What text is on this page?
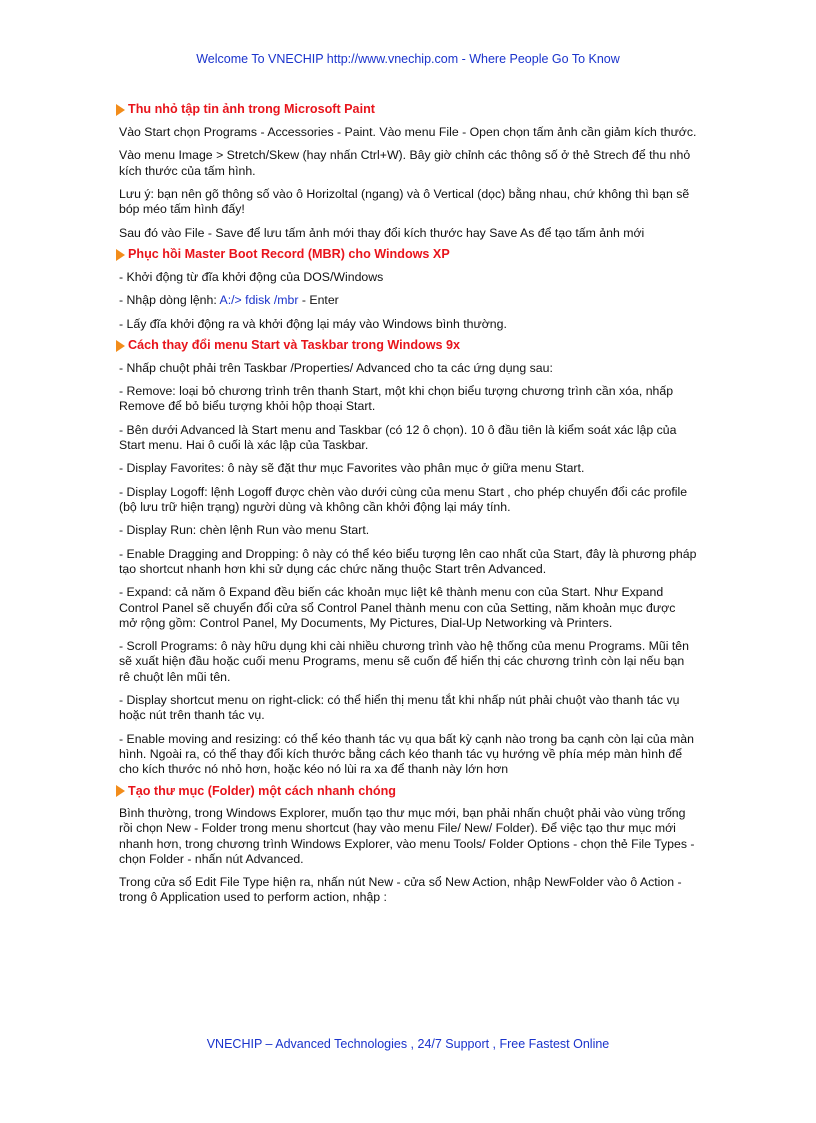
Welcome To VNECHIP http://www.vnechip.com - Where People Go To Know
Thu nhỏ tập tin ảnh trong Microsoft Paint

Vào Start chọn Programs - Accessories - Paint. Vào menu File - Open chọn tấm ảnh cần giảm kích thước.

Vào menu Image > Stretch/Skew (hay nhấn Ctrl+W). Bây giờ chỉnh các thông số ở thẻ Strech để thu nhỏ kích thước của tấm hình.

Lưu ý: bạn nên gõ thông số vào ô Horizoltal (ngang) và ô Vertical (dọc) bằng nhau, chứ không thì bạn sẽ bóp méo tấm hình đấy!

Sau đó vào File - Save để lưu tấm ảnh mới thay đổi kích thước hay Save As để tạo tấm ảnh mới

Phục hồi Master Boot Record (MBR) cho Windows XP

- Khởi động từ đĩa khởi động của DOS/Windows

- Nhập dòng lệnh: A:/> fdisk /mbr - Enter

- Lấy đĩa khởi động ra và khởi động lại máy vào Windows bình thường.

Cách thay đổi menu Start và Taskbar trong Windows 9x

- Nhấp chuột phải trên Taskbar /Properties/ Advanced cho ta các ứng dụng sau:

- Remove: loại bỏ chương trình trên thanh Start, một khi chọn biểu tượng chương trình cần xóa, nhấp Remove để bỏ biểu tượng khỏi hộp thoại Start.

- Bên dưới Advanced là Start menu and Taskbar (có 12 ô chọn). 10 ô đầu tiên là kiểm soát xác lập của Start menu. Hai ô cuối là xác lập của Taskbar.

- Display Favorites: ô này sẽ đặt thư mục Favorites vào phân mục ở giữa menu Start.

- Display Logoff: lệnh Logoff được chèn vào dưới cùng của menu Start , cho phép chuyển đổi các profile (bộ lưu trữ hiện trạng) người dùng và không cần khởi động lại máy tính.

- Display Run: chèn lệnh Run vào menu Start.

- Enable Dragging and Dropping: ô này có thể kéo biểu tượng lên cao nhất của Start, đây là phương pháp tạo shortcut nhanh hơn khi sử dụng các chức năng thuộc Start trên Advanced.

- Expand: cả năm ô Expand đều biến các khoản mục liệt kê thành menu con của Start. Như Expand Control Panel sẽ chuyển đổi cửa sổ Control Panel thành menu con của Setting, năm khoản mục được mở rộng gồm: Control Panel, My Documents, My Pictures, Dial-Up Networking và Printers.

- Scroll Programs: ô này hữu dụng khi cài nhiều chương trình vào hệ thống của menu Programs. Mũi tên sẽ xuất hiện đầu hoặc cuối menu Programs, menu sẽ cuốn để hiển thị các chương trình còn lại nếu bạn rê chuột lên mũi tên.

- Display shortcut menu on right-click: có thể hiển thị menu tắt khi nhấp nút phải chuột vào thanh tác vụ hoặc nút trên thanh tác vụ.

- Enable moving and resizing: có thể kéo thanh tác vụ qua bất kỳ cạnh nào trong ba cạnh còn lại của màn hình. Ngoài ra, có thể thay đổi kích thước bằng cách kéo thanh tác vụ hướng về phía mép màn hình để cho kích thước nó nhỏ hơn, hoặc kéo nó lùi ra xa để thanh này lớn hơn

Tạo thư mục (Folder) một cách nhanh chóng

Bình thường, trong Windows Explorer, muốn tạo thư mục mới, bạn phải nhấn chuột phải vào vùng trống rồi chọn New - Folder trong menu shortcut (hay vào menu File/ New/ Folder). Để việc tạo thư mục mới nhanh hơn, trong chương trình Windows Explorer, vào menu Tools/ Folder Options - chọn thẻ File Types - chọn Folder - nhấn nút Advanced.

Trong cửa sổ Edit File Type hiện ra, nhấn nút New - cửa sổ New Action, nhập NewFolder vào ô Action - trong ô Application used to perform action, nhập :

VNECHIP – Advanced Technologies , 24/7 Support , Free Fastest Online
